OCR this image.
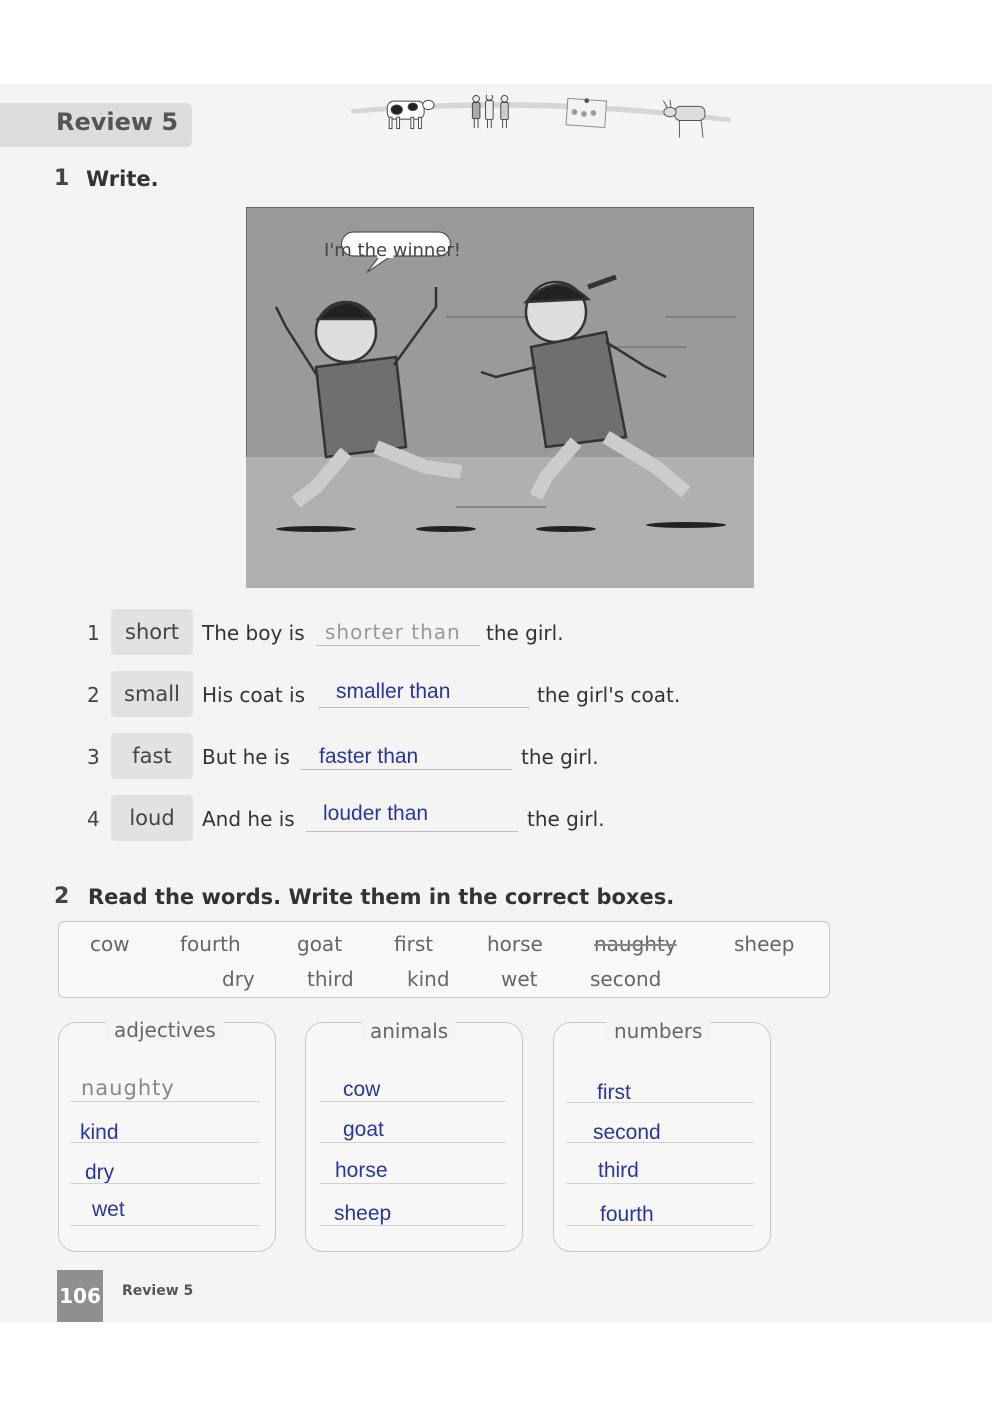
Review 5
1 Write.
I'm the winner!
1	short	The boy is shorter than the girl.
2	small	His coat is smaller than	the girl's coat.
3	fast	But he is faster than	the girl.
4	loud	And he is louder than	the girl.
2 Read the words. Write them in the correct boxes.
cow	fourth	goat	first	horse	naughty	sheep
dry	third	kind	wet	second
adjectives
naughty
kind
dry
wet
animals
cow
goat
horse
sheep
numbers
first
second
third
fourth
106 Review 5
